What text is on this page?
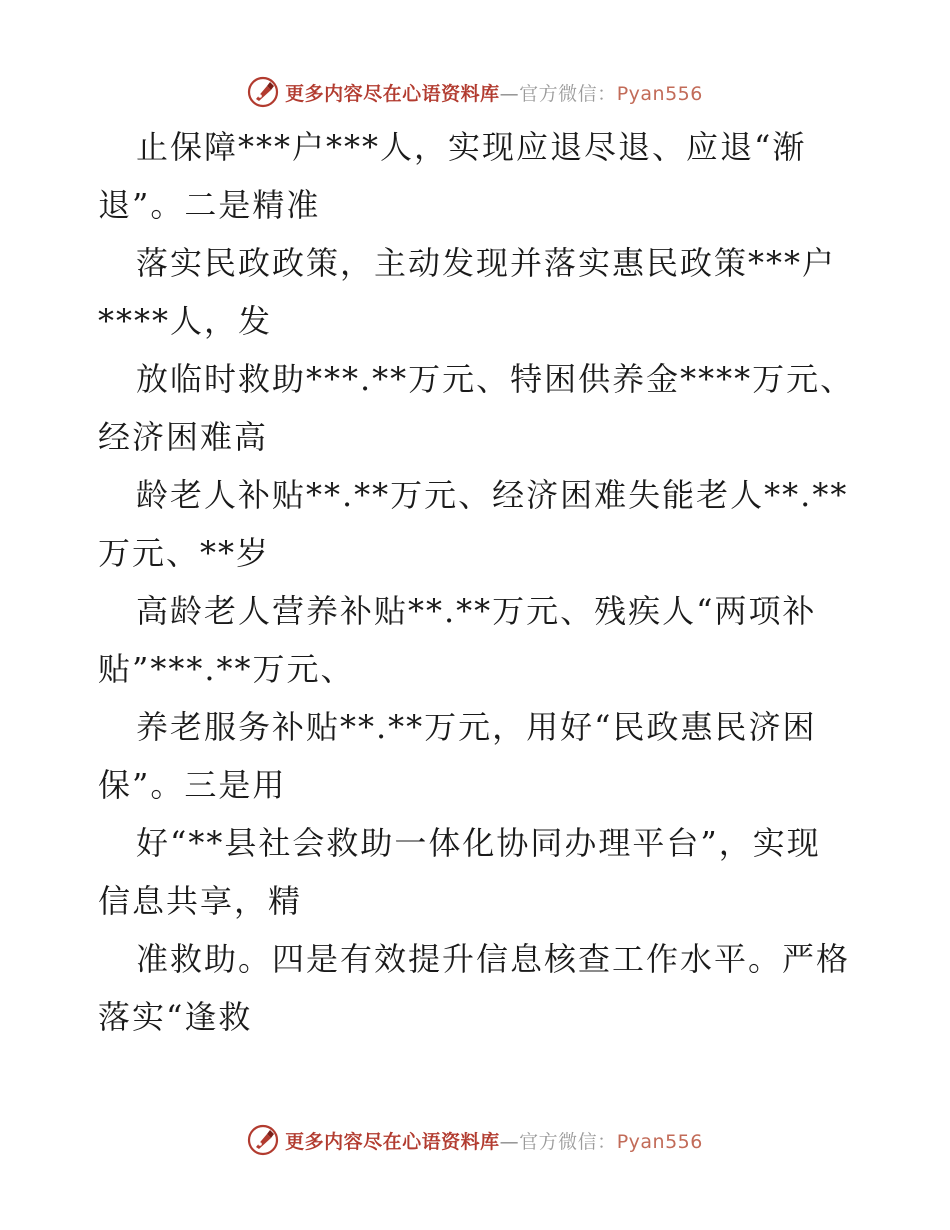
更多内容尽在心语资料库—官方微信：Pyan556
止保障***户***人，实现应退尽退、应退“渐
退”。二是精准
落实民政政策，主动发现并落实惠民政策***户
****人，发
放临时救助***.**万元、特困供养金****万元、
经济困难高
龄老人补贴**.**万元、经济困难失能老人**.**
万元、**岁
高龄老人营养补贴**.**万元、残疾人“两项补
贴”***.**万元、
养老服务补贴**.**万元，用好“民政惠民济困
保”。三是用
好“**县社会救助一体化协同办理平台”，实现
信息共享，精
准救助。四是有效提升信息核查工作水平。严格
落实“逢救
更多内容尽在心语资料库—官方微信：Pyan556
